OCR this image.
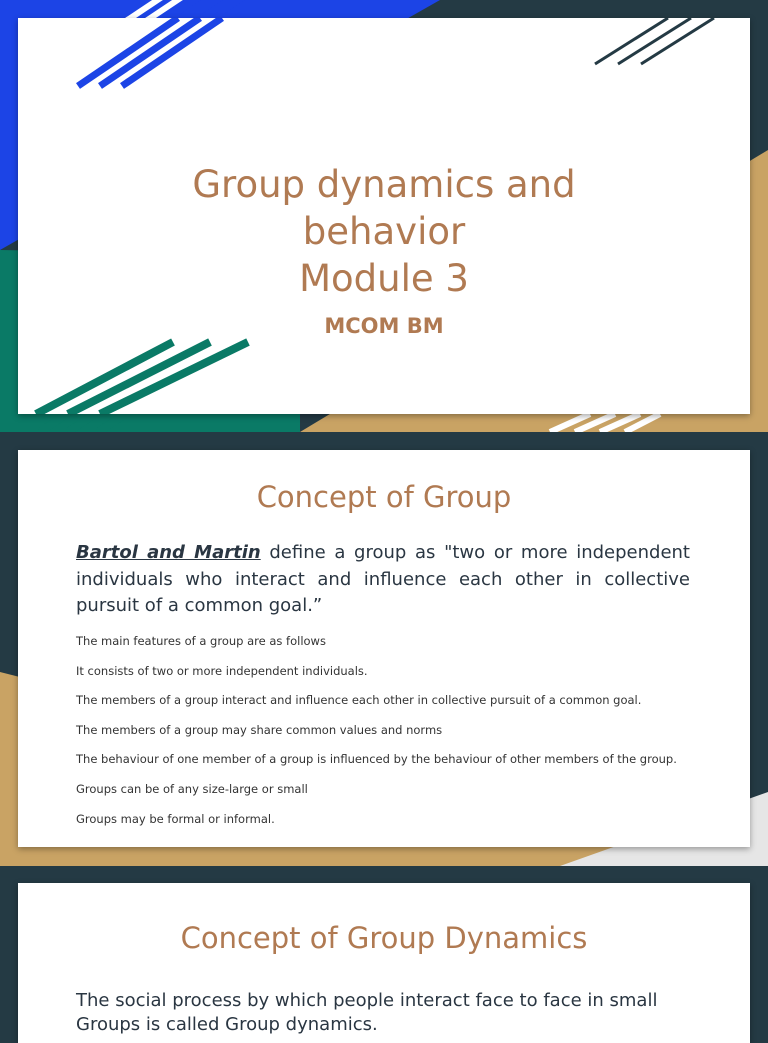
Group dynamics and
behavior
Module 3
MCOM BM
Concept of Group
Bartol and Martin define a group as "two or more independent individuals who interact and influence each other in collective pursuit of a common goal.”
The main features of a group are as follows
It consists of two or more independent individuals.
The members of a group interact and influence each other in collective pursuit of a common goal.
The members of a group may share common values and norms
The behaviour of one member of a group is influenced by the behaviour of other members of the group.
Groups can be of any size-large or small
Groups may be formal or informal.
Concept of Group Dynamics
The social process by which people interact face to face in small Groups is called Group dynamics.
